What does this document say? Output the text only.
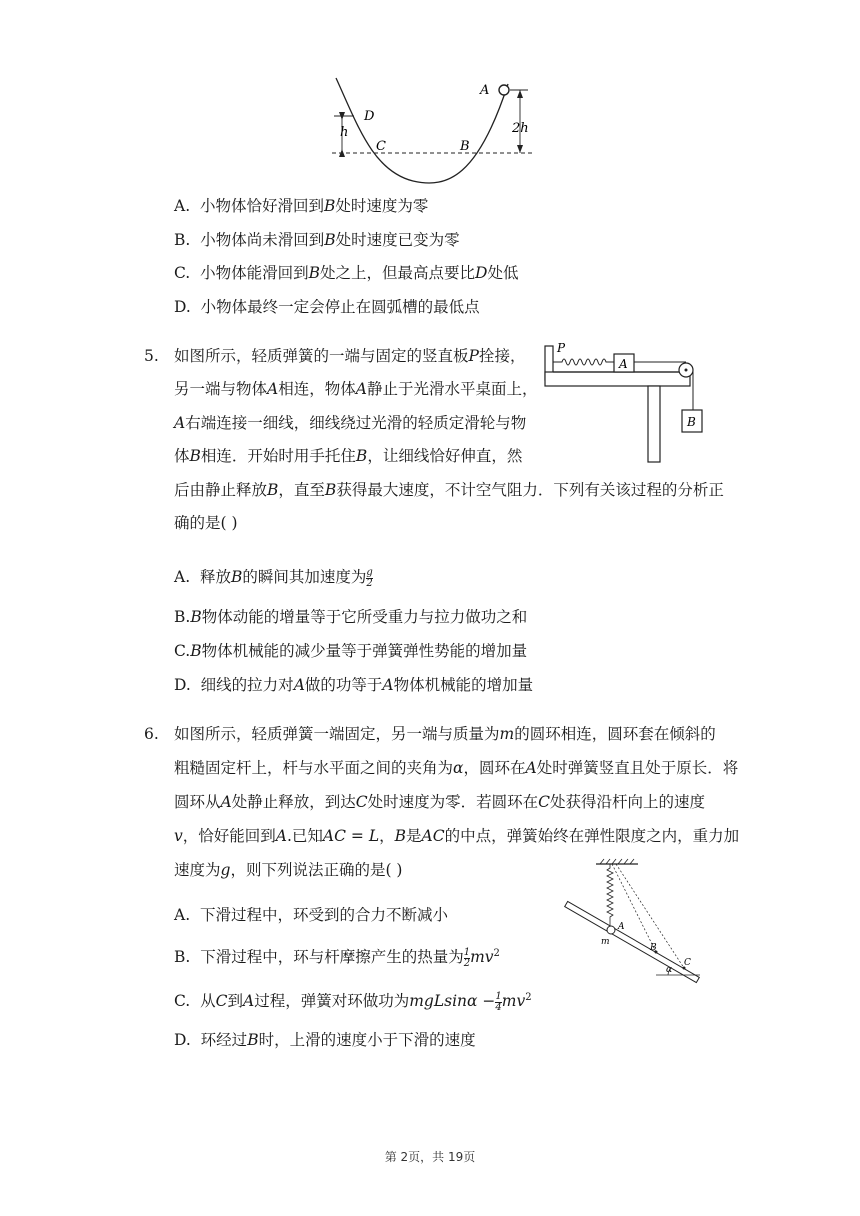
A
D
h
C	B
2h
A. 小物体恰好滑回到B处时速度为零
B. 小物体尚未滑回到B处时速度已变为零
C. 小物体能滑回到B处之上，但最高点要比D处低
D. 小物体最终一定会停止在圆弧槽的最低点
5. 如图所示，轻质弹簧的一端与固定的竖直板P拴接，
另一端与物体A相连，物体A静止于光滑水平桌面上，
A右端连接一细线，细线绕过光滑的轻质定滑轮与物
体B相连．开始时用手托住B，让细线恰好伸直，然
后由静止释放B，直至B获得最大速度，不计空气阻力．下列有关该过程的分析正
确的是( )
P
A
B
A. 释放B的瞬间其加速度为 $\frac{g}{2}$
B.B物体动能的增量等于它所受重力与拉力做功之和
C.B物体机械能的减少量等于弹簧弹性势能的增加量
D. 细线的拉力对A做的功等于A物体机械能的增加量
6. 如图所示，轻质弹簧一端固定，另一端与质量为m的圆环相连，圆环套在倾斜的
粗糙固定杆上，杆与水平面之间的夹角为α，圆环在A处时弹簧竖直且处于原长．将
圆环从A处静止释放，到达C处时速度为零．若圆环在C处获得沿杆向上的速度
v，恰好能回到A.已知AC = L，B是AC的中点，弹簧始终在弹性限度之内，重力加
速度为g，则下列说法正确的是( )
A
m
B
C
α
A. 下滑过程中，环受到的合力不断减小
B. 下滑过程中，环与杆摩擦产生的热量为 $\frac{1}{2} mv^2$
C. 从C到A过程，弹簧对环做功为$mgLsin\alpha - \frac{1}{4} mv^2$
D. 环经过B时，上滑的速度小于下滑的速度
第 2页，共 19页
